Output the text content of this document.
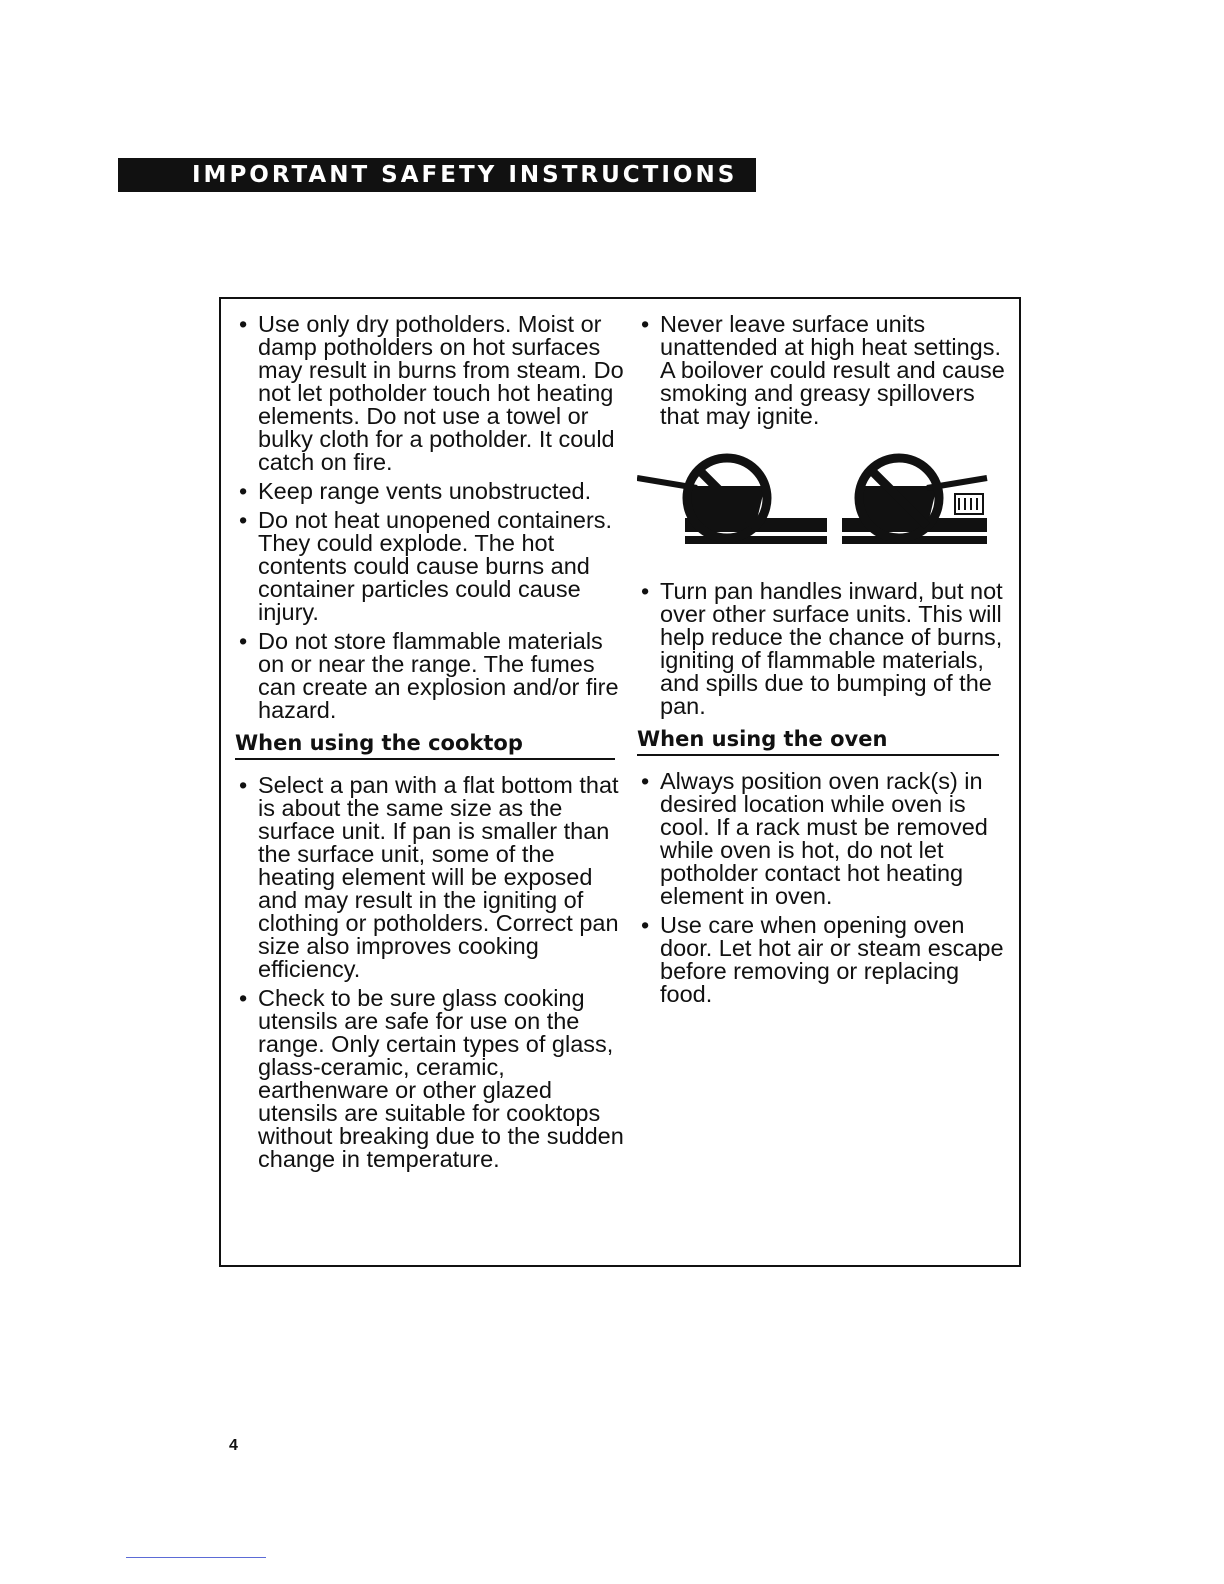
IMPORTANT SAFETY INSTRUCTIONS
• Use only dry potholders. Moist or damp potholders on hot surfaces may result in burns from steam. Do not let potholder touch hot heating elements. Do not use a towel or bulky cloth for a potholder. It could catch on fire.
• Keep range vents unobstructed.
• Do not heat unopened containers. They could explode. The hot contents could cause burns and container particles could cause injury.
• Do not store flammable materials on or near the range. The fumes can create an explosion and/or fire hazard.
When using the cooktop
• Select a pan with a flat bottom that is about the same size as the surface unit. If pan is smaller than the surface unit, some of the heating element will be exposed and may result in the igniting of clothing or potholders. Correct pan size also improves cooking efficiency.
• Check to be sure glass cooking utensils are safe for use on the range. Only certain types of glass, glass-ceramic, ceramic, earthenware or other glazed utensils are suitable for cooktops without breaking due to the sudden change in temperature.
• Never leave surface units unattended at high heat settings. A boilover could result and cause smoking and greasy spillovers that may ignite.
• Turn pan handles inward, but not over other surface units. This will help reduce the chance of burns, igniting of flammable materials, and spills due to bumping of the pan.
When using the oven
• Always position oven rack(s) in desired location while oven is cool. If a rack must be removed while oven is hot, do not let potholder contact hot heating element in oven.
• Use care when opening oven door. Let hot air or steam escape before removing or replacing food.
4
